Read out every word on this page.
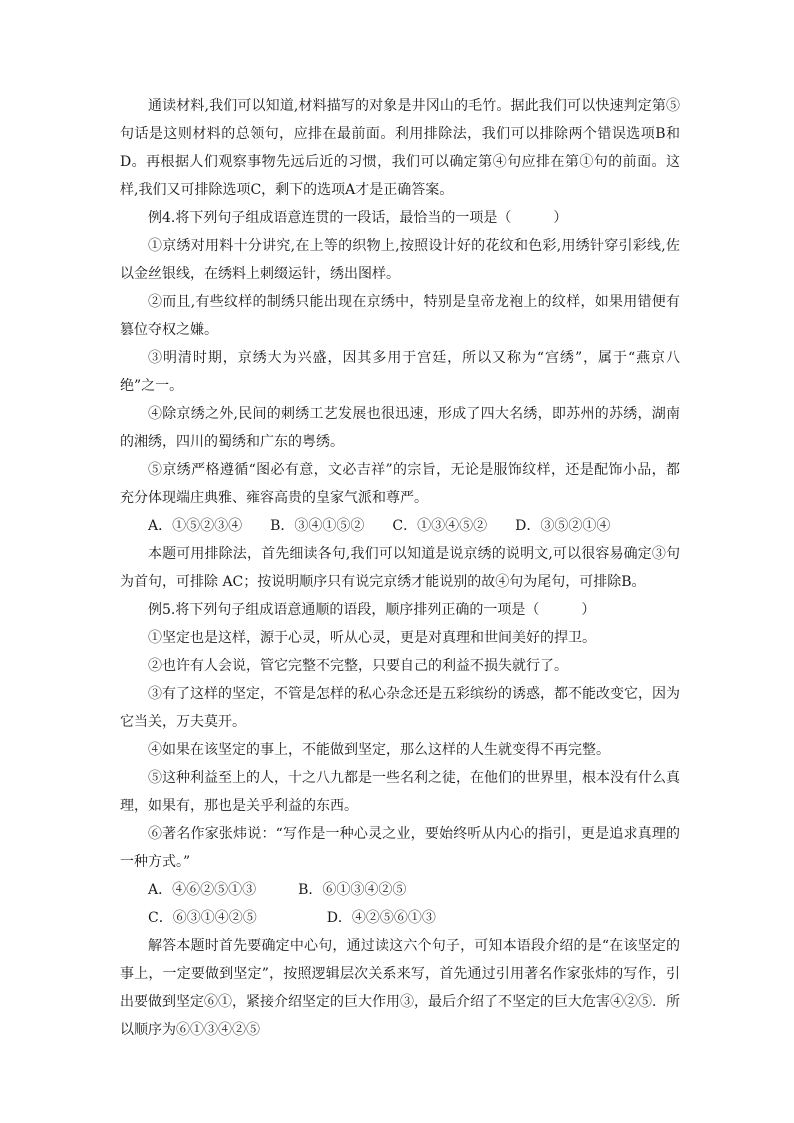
通读材料,我们可以知道,材料描写的对象是井冈山的毛竹。据此我们可以快速判定第⑤句话是这则材料的总领句，应排在最前面。利用排除法，我们可以排除两个错误选项B和D。再根据人们观察事物先远后近的习惯，我们可以确定第④句应排在第①句的前面。这样,我们又可排除选项C，剩下的选项A才是正确答案。

例4.将下列句子组成语意连贯的一段话，最恰当的一项是（　　　）

①京绣对用料十分讲究,在上等的织物上,按照设计好的花纹和色彩,用绣针穿引彩线,佐以金丝银线，在绣料上刺缀运针，绣出图样。

②而且,有些纹样的制绣只能出现在京绣中，特别是皇帝龙袍上的纹样，如果用错便有篡位夺权之嫌。

③明清时期，京绣大为兴盛，因其多用于宫廷，所以又称为“宫绣”，属于“燕京八绝”之一。

④除京绣之外,民间的刺绣工艺发展也很迅速，形成了四大名绣，即苏州的苏绣，湖南的湘绣，四川的蜀绣和广东的粤绣。

⑤京绣严格遵循“图必有意，文必吉祥”的宗旨，无论是服饰纹样，还是配饰小品，都充分体现端庄典雅、雍容高贵的皇家气派和尊严。

A．①⑤②③④　　B．③④①⑤②　　C．①③④⑤②　　D．③⑤②①④

本题可用排除法，首先细读各句,我们可以知道是说京绣的说明文,可以很容易确定③句为首句，可排除 AC；按说明顺序只有说完京绣才能说别的故④句为尾句，可排除B。

例5.将下列句子组成语意通顺的语段，顺序排列正确的一项是（　　　）

①坚定也是这样，源于心灵，听从心灵，更是对真理和世间美好的捍卫。

②也许有人会说，管它完整不完整，只要自己的利益不损失就行了。

③有了这样的坚定，不管是怎样的私心杂念还是五彩缤纷的诱惑，都不能改变它，因为它当关，万夫莫开。

④如果在该坚定的事上，不能做到坚定，那么这样的人生就变得不再完整。

⑤这种利益至上的人，十之八九都是一些名利之徒，在他们的世界里，根本没有什么真理，如果有，那也是关乎利益的东西。

⑥著名作家张炜说：“写作是一种心灵之业，要始终听从内心的指引，更是追求真理的一种方式。”

A．④⑥②⑤①③　　　B．⑥①③④②⑤
C．⑥③①④②⑤　　　　　D．④②⑤⑥①③

解答本题时首先要确定中心句，通过读这六个句子，可知本语段介绍的是“在该坚定的事上，一定要做到坚定”，按照逻辑层次关系来写，首先通过引用著名作家张炜的写作，引出要做到坚定⑥①，紧接介绍坚定的巨大作用③，最后介绍了不坚定的巨大危害④②⑤．所以顺序为⑥①③④②⑤
